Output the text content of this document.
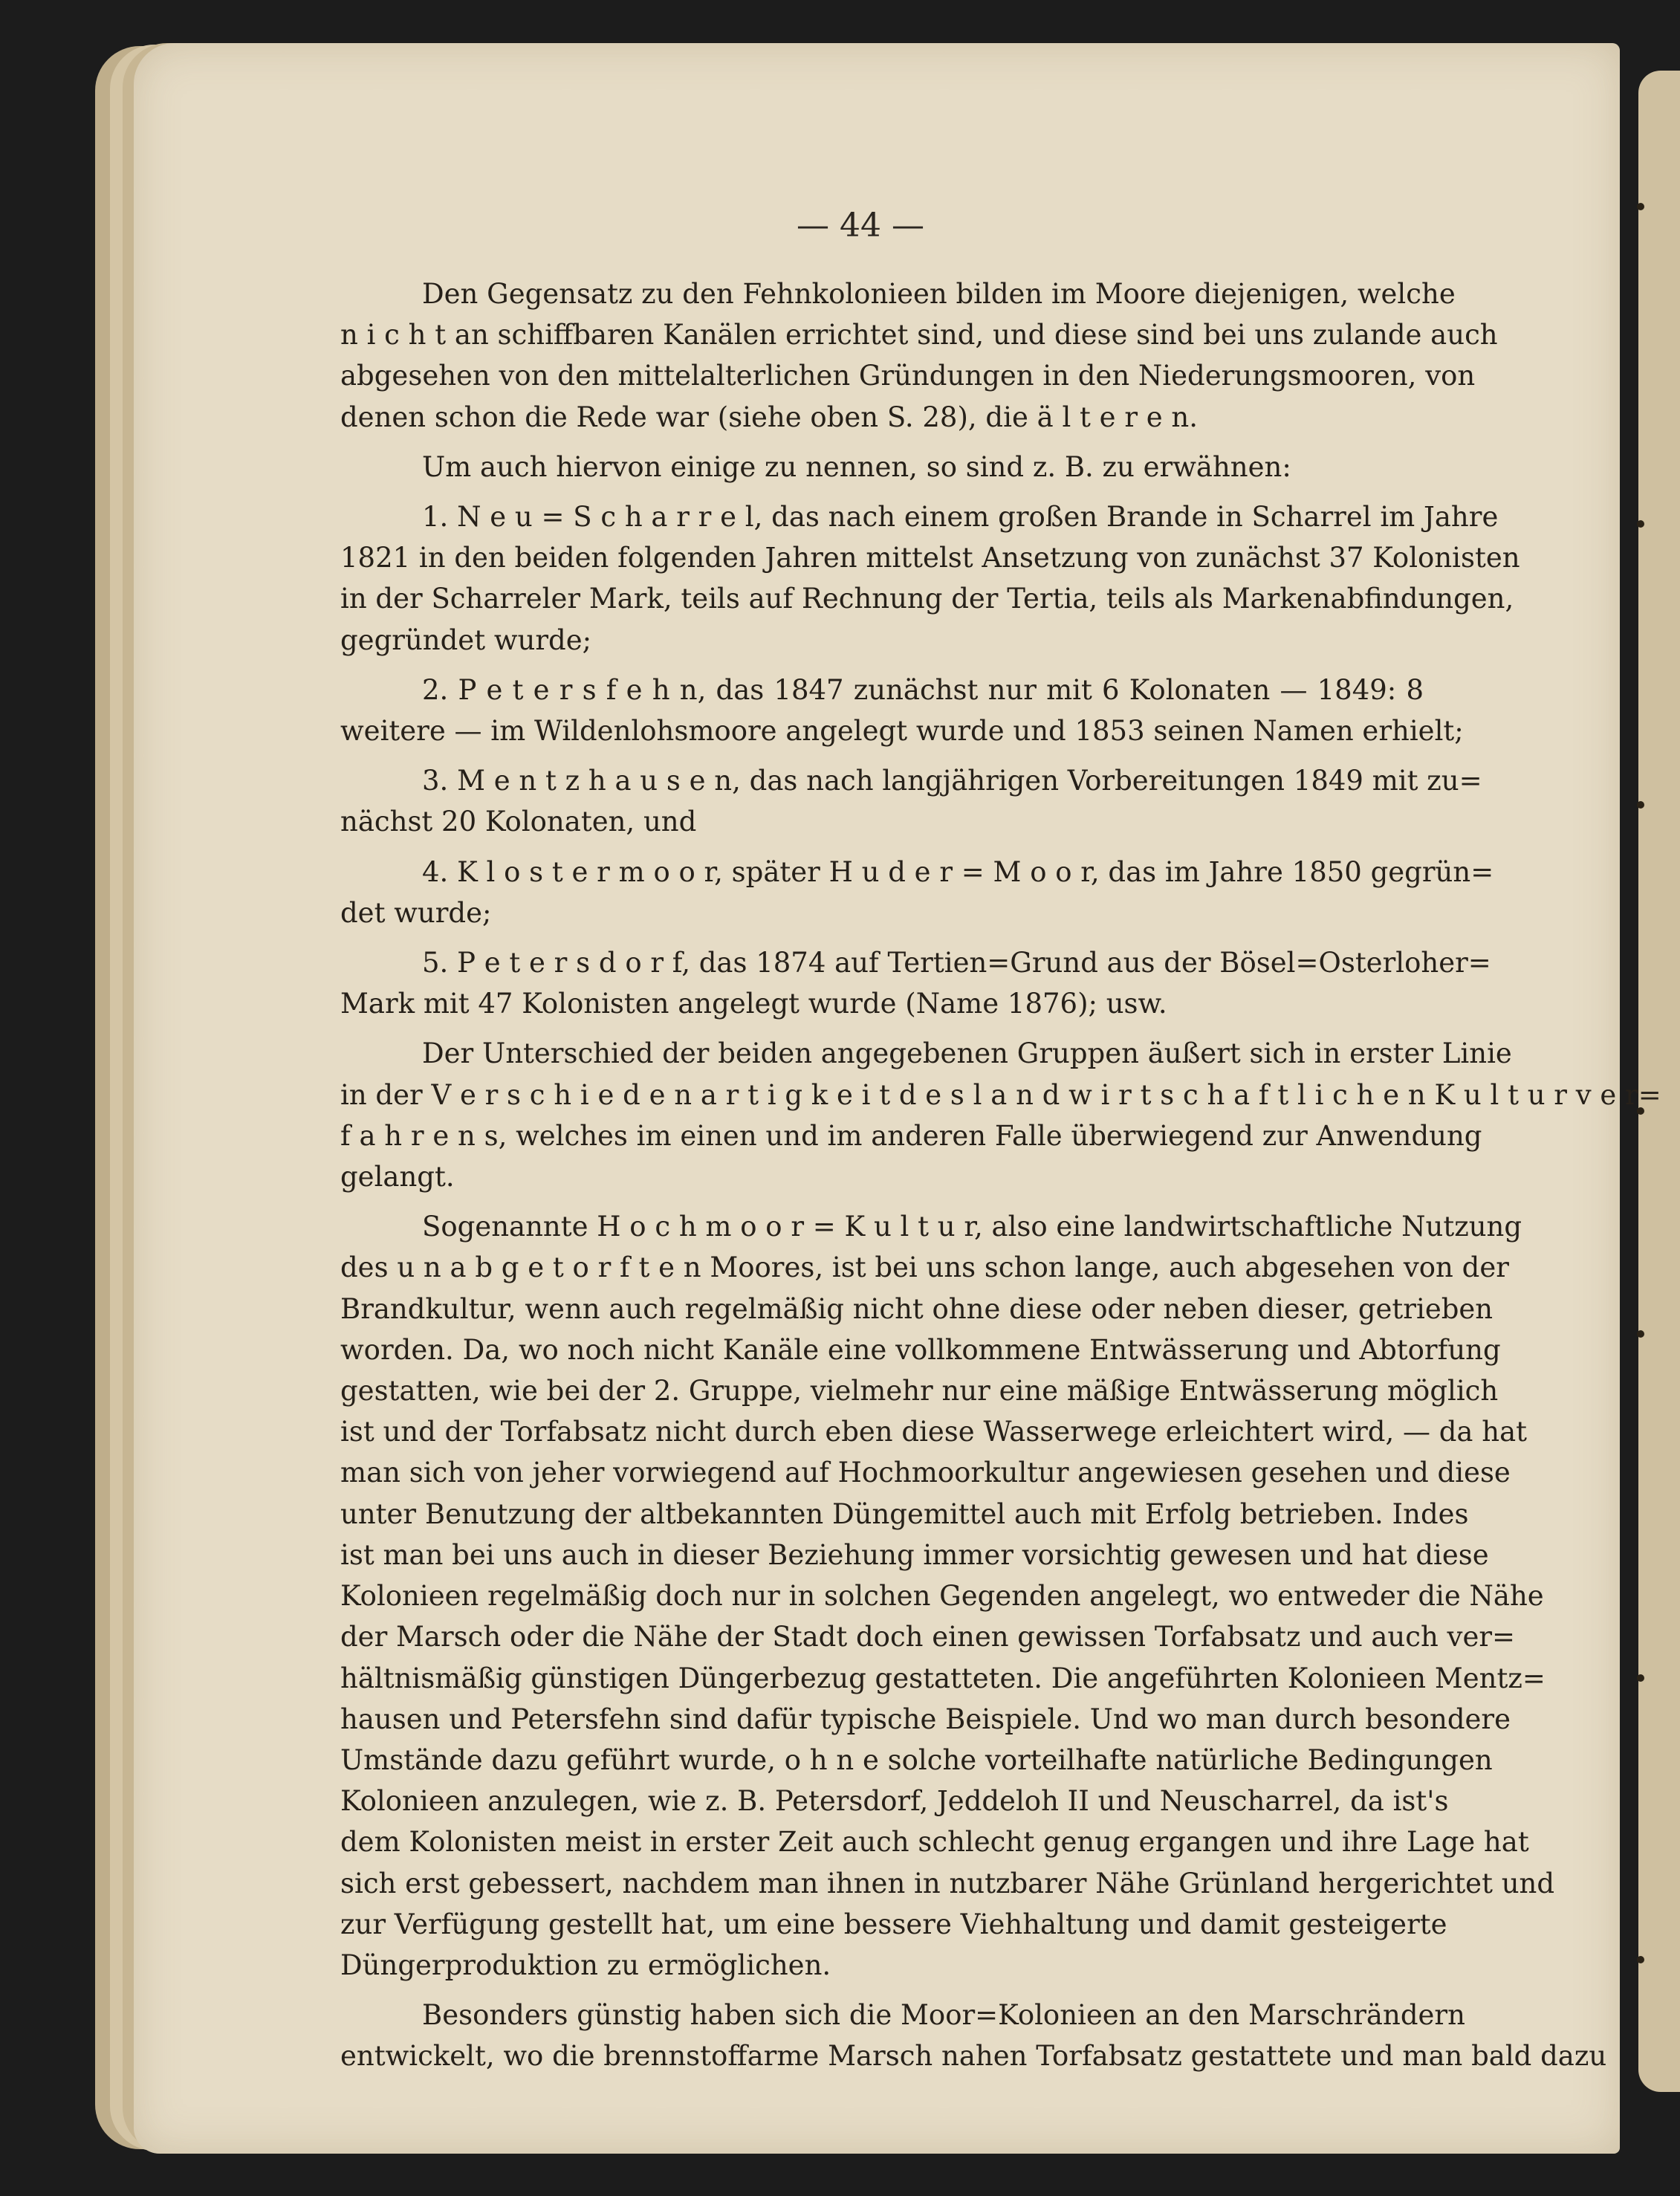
— 44 —
Den Gegensatz zu den Fehnkolonieen bilden im Moore diejenigen, welche
n i c h t an schiffbaren Kanälen errichtet sind, und diese sind bei uns zulande auch
abgesehen von den mittelalterlichen Gründungen in den Niederungsmooren, von
denen schon die Rede war (siehe oben S. 28), die ä l t e r e n.
Um auch hiervon einige zu nennen, so sind z. B. zu erwähnen:
1. N e u = S c h a r r e l, das nach einem großen Brande in Scharrel im Jahre
1821 in den beiden folgenden Jahren mittelst Ansetzung von zunächst 37 Kolonisten
in der Scharreler Mark, teils auf Rechnung der Tertia, teils als Markenabfindungen,
gegründet wurde;
2. P e t e r s f e h n, das 1847 zunächst nur mit 6 Kolonaten — 1849: 8
weitere — im Wildenlohsmoore angelegt wurde und 1853 seinen Namen erhielt;
3. M e n t z h a u s e n, das nach langjährigen Vorbereitungen 1849 mit zu=
nächst 20 Kolonaten, und
4. K l o s t e r m o o r, später H u d e r = M o o r, das im Jahre 1850 gegrün=
det wurde;
5. P e t e r s d o r f, das 1874 auf Tertien=Grund aus der Bösel=Osterloher=
Mark mit 47 Kolonisten angelegt wurde (Name 1876); usw.
Der Unterschied der beiden angegebenen Gruppen äußert sich in erster Linie
in der V e r s c h i e d e n a r t i g k e i t d e s l a n d w i r t s c h a f t l i c h e n K u l t u r v e r=
f a h r e n s, welches im einen und im anderen Falle überwiegend zur Anwendung
gelangt.
Sogenannte H o c h m o o r = K u l t u r, also eine landwirtschaftliche Nutzung
des u n a b g e t o r f t e n Moores, ist bei uns schon lange, auch abgesehen von der
Brandkultur, wenn auch regelmäßig nicht ohne diese oder neben dieser, getrieben
worden. Da, wo noch nicht Kanäle eine vollkommene Entwässerung und Abtorfung
gestatten, wie bei der 2. Gruppe, vielmehr nur eine mäßige Entwässerung möglich
ist und der Torfabsatz nicht durch eben diese Wasserwege erleichtert wird, — da hat
man sich von jeher vorwiegend auf Hochmoorkultur angewiesen gesehen und diese
unter Benutzung der altbekannten Düngemittel auch mit Erfolg betrieben. Indes
ist man bei uns auch in dieser Beziehung immer vorsichtig gewesen und hat diese
Kolonieen regelmäßig doch nur in solchen Gegenden angelegt, wo entweder die Nähe
der Marsch oder die Nähe der Stadt doch einen gewissen Torfabsatz und auch ver=
hältnismäßig günstigen Düngerbezug gestatteten. Die angeführten Kolonieen Mentz=
hausen und Petersfehn sind dafür typische Beispiele. Und wo man durch besondere
Umstände dazu geführt wurde, o h n e solche vorteilhafte natürliche Bedingungen
Kolonieen anzulegen, wie z. B. Petersdorf, Jeddeloh II und Neuscharrel, da ist's
dem Kolonisten meist in erster Zeit auch schlecht genug ergangen und ihre Lage hat
sich erst gebessert, nachdem man ihnen in nutzbarer Nähe Grünland hergerichtet und
zur Verfügung gestellt hat, um eine bessere Viehhaltung und damit gesteigerte
Düngerproduktion zu ermöglichen.
Besonders günstig haben sich die Moor=Kolonieen an den Marschrändern
entwickelt, wo die brennstoffarme Marsch nahen Torfabsatz gestattete und man bald dazu
